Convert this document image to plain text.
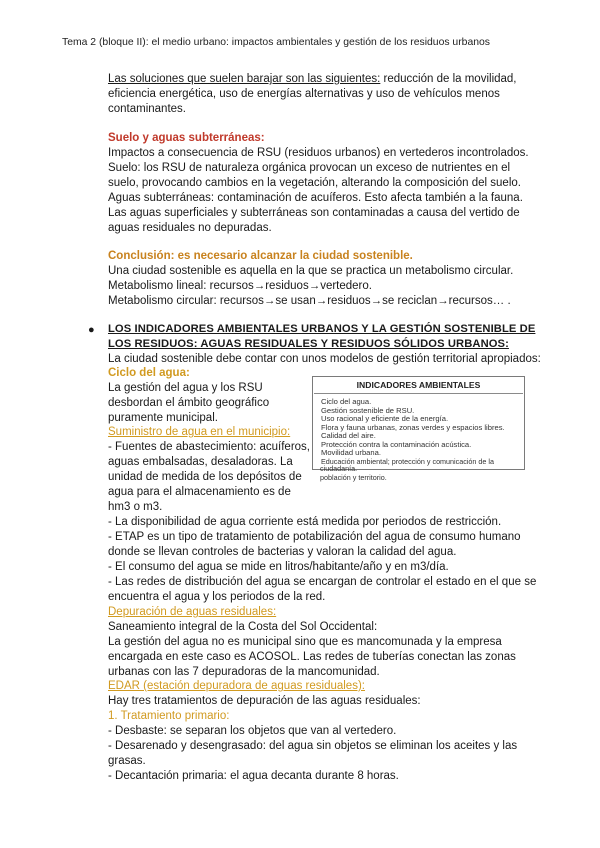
Tema 2 (bloque II): el medio urbano: impactos ambientales y gestión de los residuos urbanos
Las soluciones que suelen barajar son las siguientes: reducción de la movilidad,
eficiencia energética, uso de energías alternativas y uso de vehículos menos
contaminantes.
Suelo y aguas subterráneas:
Impactos a consecuencia de RSU (residuos urbanos) en vertederos incontrolados.
Suelo: los RSU de naturaleza orgánica provocan un exceso de nutrientes en el
suelo, provocando cambios en la vegetación, alterando la composición del suelo.
Aguas subterráneas: contaminación de acuíferos. Esto afecta también a la fauna.
Las aguas superficiales y subterráneas son contaminadas a causa del vertido de
aguas residuales no depuradas.
Conclusión: es necesario alcanzar la ciudad sostenible.
Una ciudad sostenible es aquella en la que se practica un metabolismo circular.
Metabolismo lineal: recursos→residuos→vertedero.
Metabolismo circular: recursos→se usan→residuos→se reciclan→recursos… .
● LOS INDICADORES AMBIENTALES URBANOS Y LA GESTIÓN SOSTENIBLE DE
LOS RESIDUOS: AGUAS RESIDUALES Y RESIDUOS SÓLIDOS URBANOS:
La ciudad sostenible debe contar con unos modelos de gestión territorial apropiados:
Ciclo del agua:
La gestión del agua y los RSU
desbordan el ámbito geográfico
puramente municipal.
Suministro de agua en el municipio:
- Fuentes de abastecimiento: acuíferos,
aguas embalsadas, desaladoras. La
unidad de medida de los depósitos de
agua para el almacenamiento es de
hm3 o m3.
- La disponibilidad de agua corriente está medida por periodos de restricción.
- ETAP es un tipo de tratamiento de potabilización del agua de consumo humano
donde se llevan controles de bacterias y valoran la calidad del agua.
- El consumo del agua se mide en litros/habitante/año y en m3/día.
- Las redes de distribución del agua se encargan de controlar el estado en el que se
encuentra el agua y los periodos de la red.
INDICADORES AMBIENTALES
Ciclo del agua.
Gestión sostenible de RSU.
Uso racional y eficiente de la energía.
Flora y fauna urbanas, zonas verdes y espacios libres.
Calidad del aire.
Protección contra la contaminación acústica.
Movilidad urbana.
Educación ambiental; protección y comunicación de la
ciudadanía.
población y territorio.
Depuración de aguas residuales:
Saneamiento integral de la Costa del Sol Occidental:
La gestión del agua no es municipal sino que es mancomunada y la empresa
encargada en este caso es ACOSOL. Las redes de tuberías conectan las zonas
urbanas con las 7 depuradoras de la mancomunidad.
EDAR (estación depuradora de aguas residuales):
Hay tres tratamientos de depuración de las aguas residuales:
1. Tratamiento primario:
- Desbaste: se separan los objetos que van al vertedero.
- Desarenado y desengrasado: del agua sin objetos se eliminan los aceites y las
grasas.
- Decantación primaria: el agua decanta durante 8 horas.
